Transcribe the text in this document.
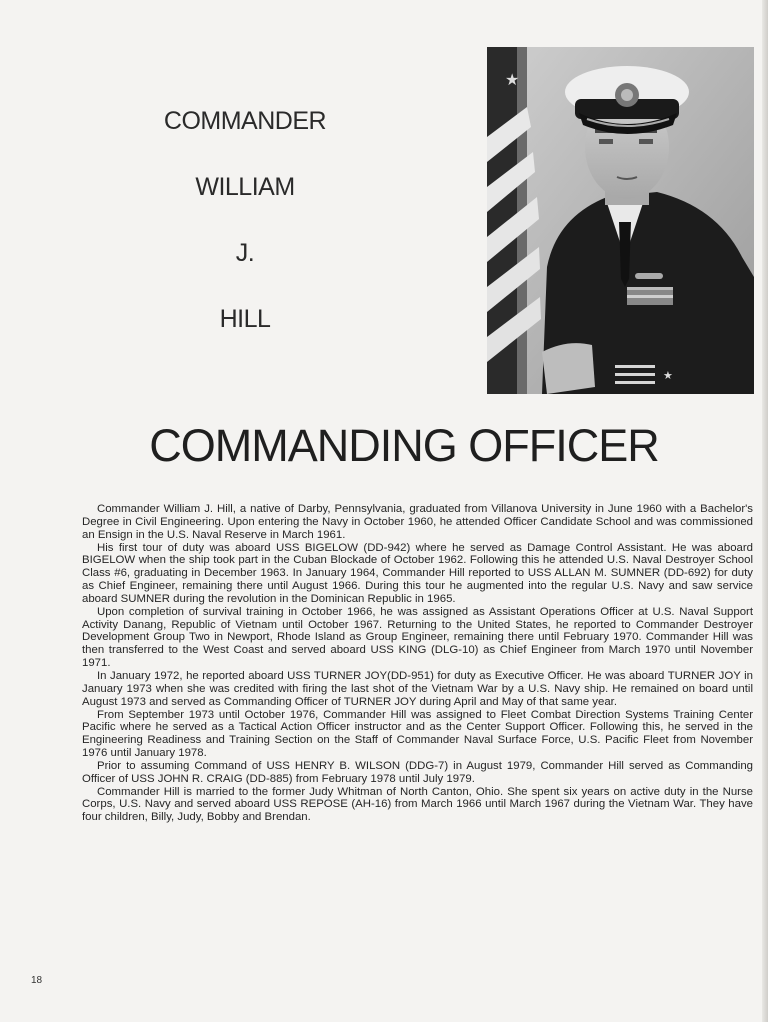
COMMANDER
WILLIAM
J.
HILL
★
★
COMMANDING OFFICER

Commander William J. Hill, a native of Darby, Pennsylvania, graduated from Villanova University in June 1960 with a Bachelor's Degree in Civil Engineering. Upon entering the Navy in October 1960, he attended Officer Candidate School and was commissioned an Ensign in the U.S. Naval Reserve in March 1961.

His first tour of duty was aboard USS BIGELOW (DD-942) where he served as Damage Control Assistant. He was aboard BIGELOW when the ship took part in the Cuban Blockade of October 1962. Following this he attended U.S. Naval Destroyer School Class #6, graduating in December 1963. In January 1964, Commander Hill reported to USS ALLAN M. SUMNER (DD-692) for duty as Chief Engineer, remaining there until August 1966. During this tour he augmented into the regular U.S. Navy and saw service aboard SUMNER during the revolution in the Dominican Republic in 1965.

Upon completion of survival training in October 1966, he was assigned as Assistant Operations Officer at U.S. Naval Support Activity Danang, Republic of Vietnam until October 1967. Returning to the United States, he reported to Commander Destroyer Development Group Two in Newport, Rhode Island as Group Engineer, remaining there until February 1970. Commander Hill was then transferred to the West Coast and served aboard USS KING (DLG-10) as Chief Engineer from March 1970 until November 1971.

In January 1972, he reported aboard USS TURNER JOY(DD-951) for duty as Executive Officer. He was aboard TURNER JOY in January 1973 when she was credited with firing the last shot of the Vietnam War by a U.S. Navy ship. He remained on board until August 1973 and served as Commanding Officer of TURNER JOY during April and May of that same year.

From September 1973 until October 1976, Commander Hill was assigned to Fleet Combat Direction Systems Training Center Pacific where he served as a Tactical Action Officer instructor and as the Center Support Officer. Following this, he served in the Engineering Readiness and Training Section on the Staff of Commander Naval Surface Force, U.S. Pacific Fleet from November 1976 until January 1978.

Prior to assuming Command of USS HENRY B. WILSON (DDG-7) in August 1979, Commander Hill served as Commanding Officer of USS JOHN R. CRAIG (DD-885) from February 1978 until July 1979.

Commander Hill is married to the former Judy Whitman of North Canton, Ohio. She spent six years on active duty in the Nurse Corps, U.S. Navy and served aboard USS REPOSE (AH-16) from March 1966 until March 1967 during the Vietnam War. They have four children, Billy, Judy, Bobby and Brendan.

18
